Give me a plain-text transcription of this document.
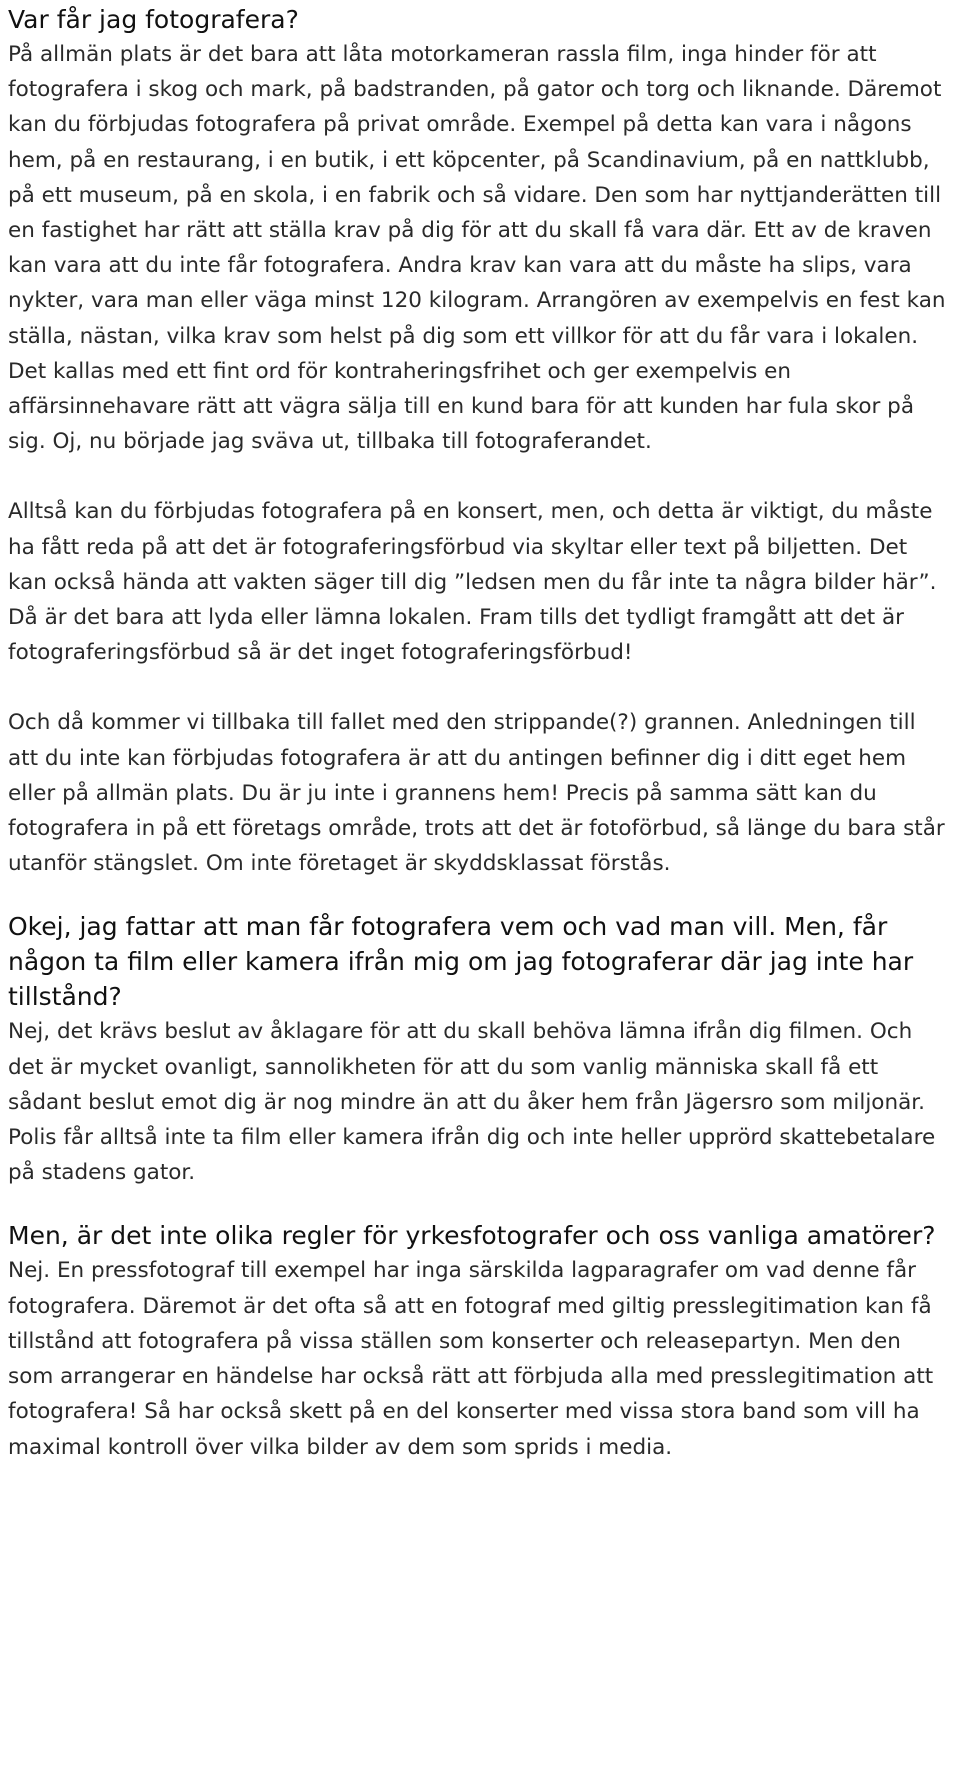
Var får jag fotografera?

På allmän plats är det bara att låta motorkameran rassla film, inga hinder för att fotografera i skog och mark, på badstranden, på gator och torg och liknande. Däremot kan du förbjudas fotografera på privat område. Exempel på detta kan vara i någons hem, på en restaurang, i en butik, i ett köpcenter, på Scandinavium, på en nattklubb, på ett museum, på en skola, i en fabrik och så vidare. Den som har nyttjanderätten till en fastighet har rätt att ställa krav på dig för att du skall få vara där. Ett av de kraven kan vara att du inte får fotografera. Andra krav kan vara att du måste ha slips, vara nykter, vara man eller väga minst 120 kilogram. Arrangören av exempelvis en fest kan ställa, nästan, vilka krav som helst på dig som ett villkor för att du får vara i lokalen. Det kallas med ett fint ord för kontraheringsfrihet och ger exempelvis en affärsinnehavare rätt att vägra sälja till en kund bara för att kunden har fula skor på sig. Oj, nu började jag sväva ut, tillbaka till fotograferandet.

Alltså kan du förbjudas fotografera på en konsert, men, och detta är viktigt, du måste ha fått reda på att det är fotograferingsförbud via skyltar eller text på biljetten. Det kan också hända att vakten säger till dig ”ledsen men du får inte ta några bilder här”. Då är det bara att lyda eller lämna lokalen. Fram tills det tydligt framgått att det är fotograferingsförbud så är det inget fotograferingsförbud!

Och då kommer vi tillbaka till fallet med den strippande(?) grannen. Anledningen till att du inte kan förbjudas fotografera är att du antingen befinner dig i ditt eget hem eller på allmän plats. Du är ju inte i grannens hem! Precis på samma sätt kan du fotografera in på ett företags område, trots att det är fotoförbud, så länge du bara står utanför stängslet. Om inte företaget är skyddsklassat förstås.

Okej, jag fattar att man får fotografera vem och vad man vill. Men, får någon ta film eller kamera ifrån mig om jag fotograferar där jag inte har tillstånd?

Nej, det krävs beslut av åklagare för att du skall behöva lämna ifrån dig filmen. Och det är mycket ovanligt, sannolikheten för att du som vanlig människa skall få ett sådant beslut emot dig är nog mindre än att du åker hem från Jägersro som miljonär. Polis får alltså inte ta film eller kamera ifrån dig och inte heller upprörd skattebetalare på stadens gator.

Men, är det inte olika regler för yrkesfotografer och oss vanliga amatörer?

Nej. En pressfotograf till exempel har inga särskilda lagparagrafer om vad denne får fotografera. Däremot är det ofta så att en fotograf med giltig presslegitimation kan få tillstånd att fotografera på vissa ställen som konserter och releasepartyn. Men den som arrangerar en händelse har också rätt att förbjuda alla med presslegitimation att fotografera! Så har också skett på en del konserter med vissa stora band som vill ha maximal kontroll över vilka bilder av dem som sprids i media.
